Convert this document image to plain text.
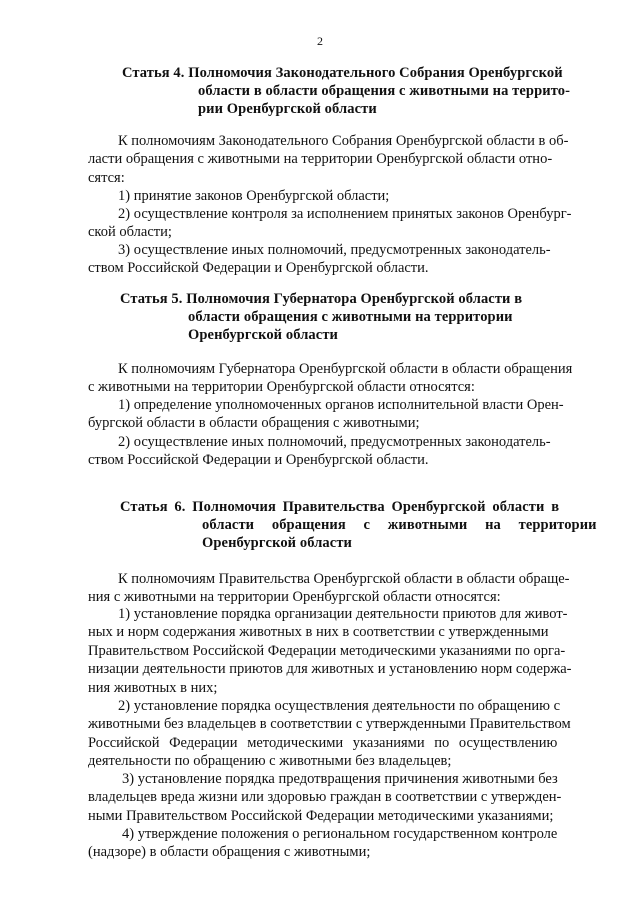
2
Статья 4. Полномочия Законодательного Собрания Оренбургской
области в области обращения с животными на террито-
рии Оренбургской области
К полномочиям Законодательного Собрания Оренбургской области в об-
ласти обращения с животными на территории Оренбургской области отно-
сятся:
1) принятие законов Оренбургской области;
2) осуществление контроля за исполнением принятых законов Оренбург-
ской области;
3) осуществление иных полномочий, предусмотренных законодатель-
ством Российской Федерации и Оренбургской области.
Статья 5. Полномочия Губернатора Оренбургской области в
области обращения с животными на территории
Оренбургской области
К полномочиям Губернатора Оренбургской области в области обращения
с животными на территории Оренбургской области относятся:
1) определение уполномоченных органов исполнительной власти Орен-
бургской области в области обращения с животными;
2) осуществление иных полномочий, предусмотренных законодатель-
ством Российской Федерации и Оренбургской области.
Статья 6. Полномочия Правительства Оренбургской области в
области обращения с животными на территории
Оренбургской области
К полномочиям Правительства Оренбургской области в области обраще-
ния с животными на территории Оренбургской области относятся:
1) установление порядка организации деятельности приютов для живот-
ных и норм содержания животных в них в соответствии с утвержденными
Правительством Российской Федерации методическими указаниями по орга-
низации деятельности приютов для животных и установлению норм содержа-
ния животных в них;
2) установление порядка осуществления деятельности по обращению с
животными без владельцев в соответствии с утвержденными Правительством
Российской Федерации методическими указаниями по осуществлению
деятельности по обращению с животными без владельцев;
3) установление порядка предотвращения причинения животными без
владельцев вреда жизни или здоровью граждан в соответствии с утвержден-
ными Правительством Российской Федерации методическими указаниями;
4) утверждение положения о региональном государственном контроле
(надзоре) в области обращения с животными;
